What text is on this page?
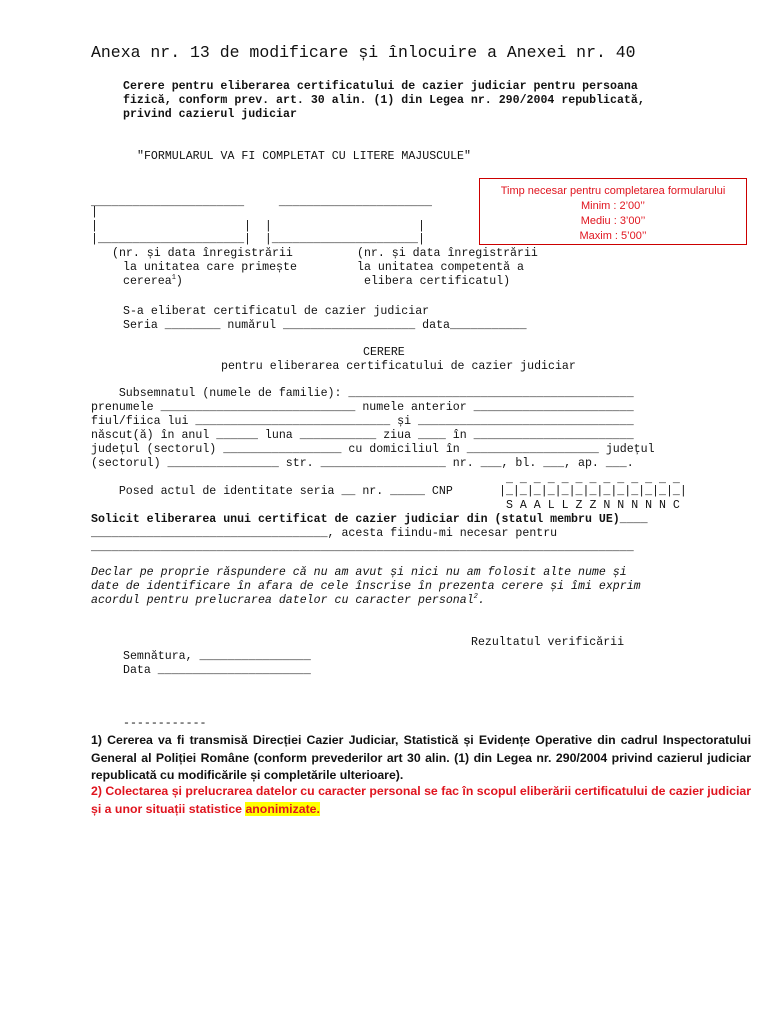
Anexa nr. 13 de modificare și înlocuire a Anexei nr. 40
Cerere pentru eliberarea certificatului de cazier judiciar pentru persoana
fizică, conform prev. art. 30 alin. (1) din Legea nr. 290/2004 republicată,
privind cazierul judiciar
"FORMULARUL VA FI COMPLETAT CU LITERE MAJUSCULE"
Timp necesar pentru completarea formularului
Minim : 2’00’’
Mediu : 3’00’’
Maxim : 5’00’’
______________________     ______________________
|
|                     |  |                     |
|_____________________|  |_____________________|
(nr. și data înregistrării
la unitatea care primește
cererea$^1$)
(nr. și data înregistrării
la unitatea competentă a
elibera certificatul)
S-a eliberat certificatul de cazier judiciar
Seria ________ numărul ___________________ data___________
CERERE
pentru eliberarea certificatului de cazier judiciar
Subsemnatul (numele de familie): _________________________________________
prenumele ____________________________ numele anterior _______________________
fiul/fiica lui ____________________________ și _______________________________
născut(ă) în anul ______ luna ___________ ziua ____ în _______________________
județul (sectorul) _________________ cu domiciliul în ___________________ județul
(sectorul) ________________ str. __________________ nr. ___, bl. ___, ap. ___.
Posed actul de identitate seria __ nr. _____ CNP
_ _ _ _ _ _ _ _ _ _ _ _ _
|_|_|_|_|_|_|_|_|_|_|_|_|_|
S A A L L Z Z N N N N N C
Solicit eliberarea unui certificat de cazier judiciar din (statul membru UE)____
__________________________________, acesta fiindu-mi necesar pentru
______________________________________________________________________________
Declar pe proprie răspundere că nu am avut și nici nu am folosit alte nume și
date de identificare în afara de cele înscrise în prezenta cerere și îmi exprim
acordul pentru prelucrarea datelor cu caracter personal$^2$.
Rezultatul verificării
Semnătura, ________________
Data ______________________
------------
1) Cererea va fi transmisă Direcției Cazier Judiciar, Statistică și Evidențe Operative din cadrul Inspectoratului General al Poliției Române (conform prevederilor art 30 alin. (1) din Legea nr. 290/2004 privind cazierul judiciar republicată cu modificările și completările ulterioare).
2) Colectarea și prelucrarea datelor cu caracter personal se fac în scopul eliberării certificatului de cazier judiciar și a unor situații statistice anonimizate.
